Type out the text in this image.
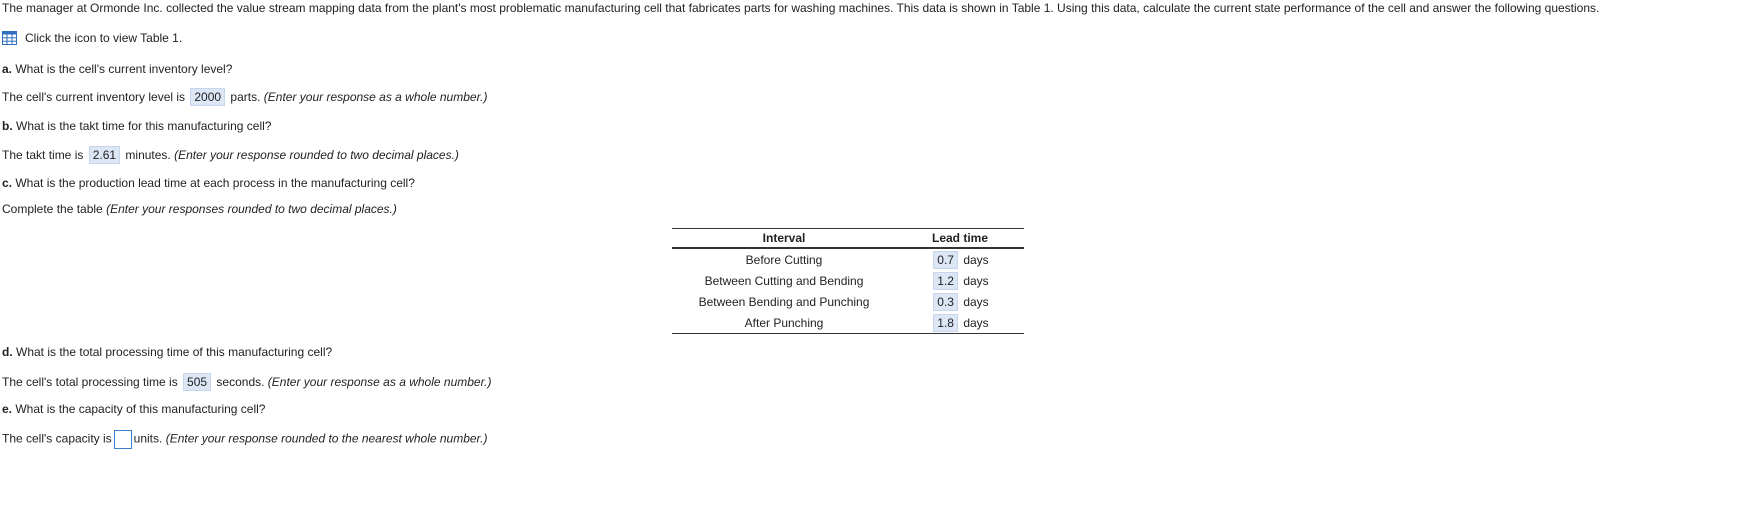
The manager at Ormonde Inc. collected the value stream mapping data from the plant's most problematic manufacturing cell that fabricates parts for washing machines. This data is shown in Table 1. Using this data, calculate the current state performance of the cell and answer the following questions.
Click the icon to view Table 1.
a. What is the cell's current inventory level?
The cell's current inventory level is 2000 parts. (Enter your response as a whole number.)
b. What is the takt time for this manufacturing cell?
The takt time is 2.61 minutes. (Enter your response rounded to two decimal places.)
c. What is the production lead time at each process in the manufacturing cell?
Complete the table (Enter your responses rounded to two decimal places.)
Interval	Lead time
Before Cutting	0.7 days
Between Cutting and Bending	1.2 days
Between Bending and Punching	0.3 days
After Punching	1.8 days
d. What is the total processing time of this manufacturing cell?
The cell's total processing time is 505 seconds. (Enter your response as a whole number.)
e. What is the capacity of this manufacturing cell?
The cell's capacity is units. (Enter your response rounded to the nearest whole number.)
